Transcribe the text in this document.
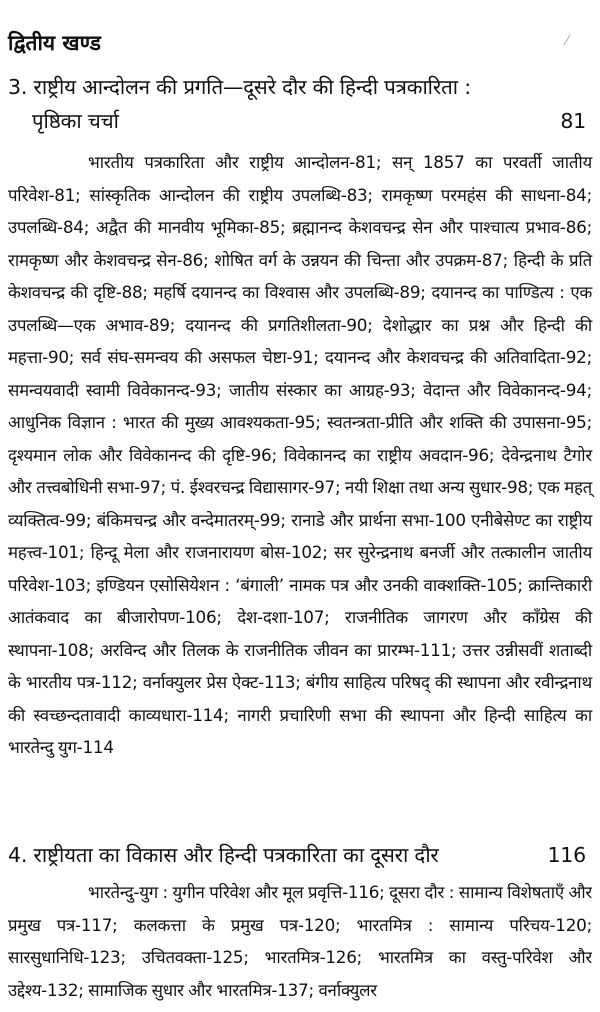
द्वितीय खण्ड	⁄
3. राष्ट्रीय आन्दोलन की प्रगति—दूसरे दौर की हिन्दी पत्रकारिता :
पृष्ठिका चर्चा	81
भारतीय पत्रकारिता और राष्ट्रीय आन्दोलन-81; सन् 1857 का परवर्ती जातीय परिवेश-81; सांस्कृतिक आन्दोलन की राष्ट्रीय उपलब्धि-83; रामकृष्ण परमहंस की साधना-84; उपलब्धि-84; अद्वैत की मानवीय भूमिका-85; ब्रह्मानन्द केशवचन्द्र सेन और पाश्चात्य प्रभाव-86; रामकृष्ण और केशवचन्द्र सेन-86; शोषित वर्ग के उन्नयन की चिन्ता और उपक्रम-87; हिन्दी के प्रति केशवचन्द्र की दृष्टि-88; महर्षि दयानन्द का विश्वास और उपलब्धि-89; दयानन्द का पाण्डित्य : एक उपलब्धि—एक अभाव-89; दयानन्द की प्रगतिशीलता-90; देशोद्धार का प्रश्न और हिन्दी की महत्ता-90; सर्व संघ-समन्वय की असफल चेष्टा-91; दयानन्द और केशवचन्द्र की अतिवादिता-92; समन्वयवादी स्वामी विवेकानन्द-93; जातीय संस्कार का आग्रह-93; वेदान्त और विवेकानन्द-94; आधुनिक विज्ञान : भारत की मुख्य आवश्यकता-95; स्वतन्त्रता-प्रीति और शक्ति की उपासना-95; दृश्यमान लोक और विवेकानन्द की दृष्टि-96; विवेकानन्द का राष्ट्रीय अवदान-96; देवेन्द्रनाथ टैगोर और तत्त्वबोधिनी सभा-97; पं. ईश्वरचन्द्र विद्यासागर-97; नयी शिक्षा तथा अन्य सुधार-98; एक महत् व्यक्तित्व-99; बंकिमचन्द्र और वन्देमातरम्-99; रानाडे और प्रार्थना सभा-100 एनीबेसेण्ट का राष्ट्रीय महत्त्व-101; हिन्दू मेला और राजनारायण बोस-102; सर सुरेन्द्रनाथ बनर्जी और तत्कालीन जातीय परिवेश-103; इण्डियन एसोसियेशन : ‘बंगाली’ नामक पत्र और उनकी वाक्शक्ति-105; क्रान्तिकारी आतंकवाद का बीजारोपण-106; देश-दशा-107; राजनीतिक जागरण और काँग्रेस की स्थापना-108; अरविन्द और तिलक के राजनीतिक जीवन का प्रारम्भ-111; उत्तर उन्नीसवीं शताब्दी के भारतीय पत्र-112; वर्नाक्युलर प्रेस ऐक्ट-113; बंगीय साहित्य परिषद् की स्थापना और रवीन्द्रनाथ की स्वच्छन्दतावादी काव्यधारा-114; नागरी प्रचारिणी सभा की स्थापना और हिन्दी साहित्य का भारतेन्दु युग-114
4. राष्ट्रीयता का विकास और हिन्दी पत्रकारिता का दूसरा दौर	116
भारतेन्दु-युग : युगीन परिवेश और मूल प्रवृत्ति-116; दूसरा दौर : सामान्य विशेषताएँ और प्रमुख पत्र-117; कलकत्ता के प्रमुख पत्र-120; भारतमित्र : सामान्य परिचय-120; सारसुधानिधि-123; उचितवक्ता-125; भारतमित्र-126; भारतमित्र का वस्तु-परिवेश और उद्देश्य-132; सामाजिक सुधार और भारतमित्र-137; वर्नाक्युलर
